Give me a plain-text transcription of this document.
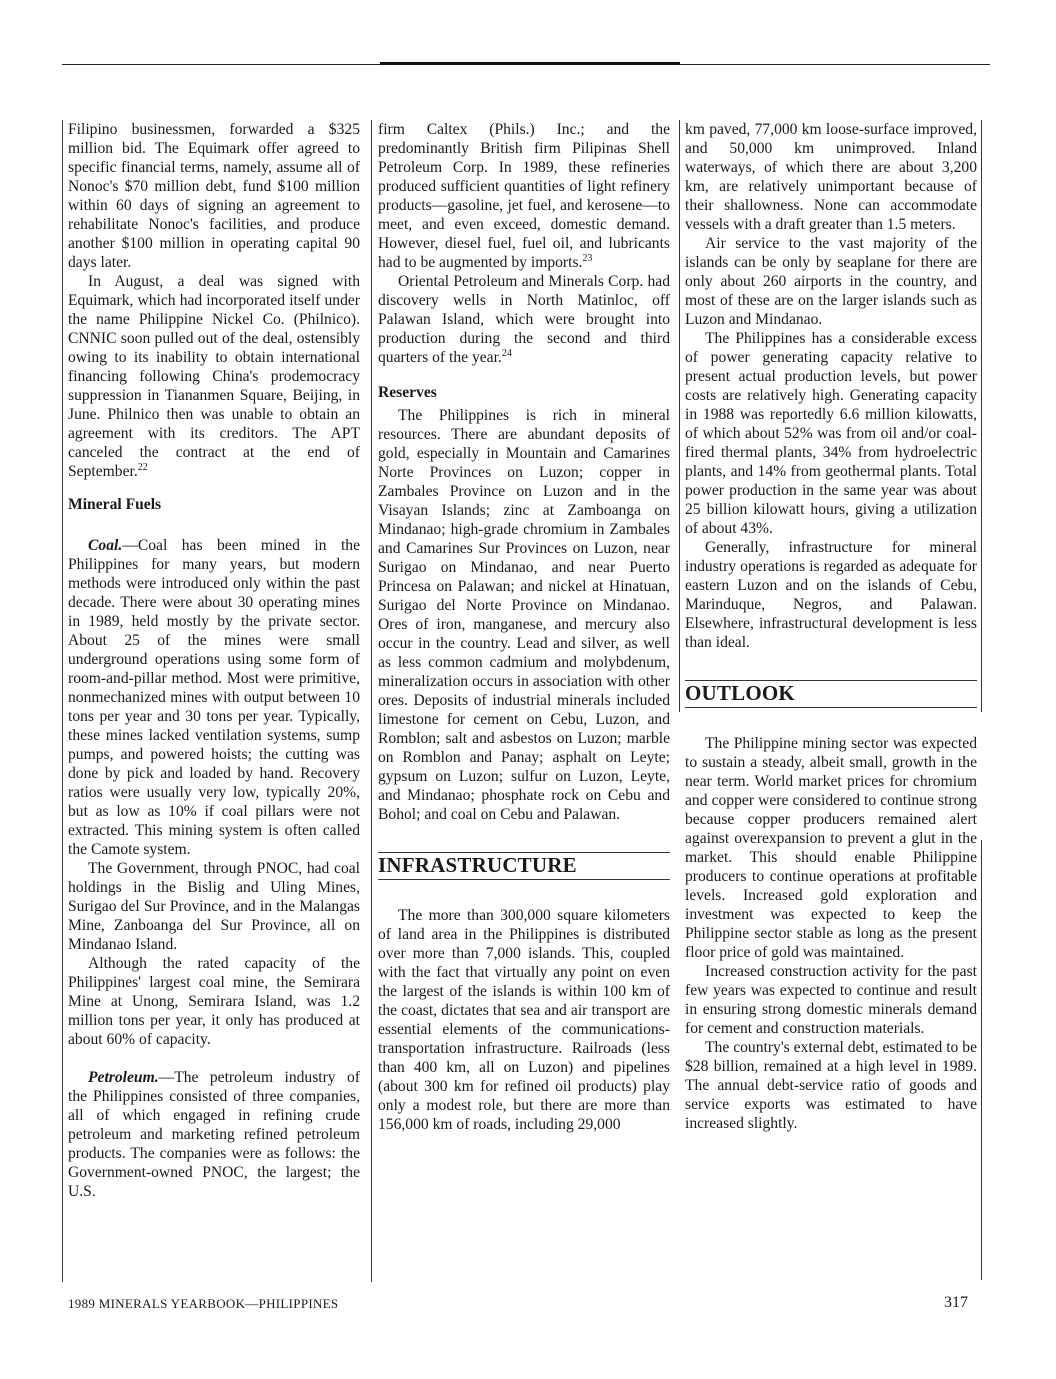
Filipino businessmen, forwarded a $325 million bid. The Equimark offer agreed to specific financial terms, namely, assume all of Nonoc's $70 million debt, fund $100 million within 60 days of signing an agreement to rehabilitate Nonoc's facilities, and produce another $100 million in operating capital 90 days later.

In August, a deal was signed with Equimark, which had incorporated itself under the name Philippine Nickel Co. (Philnico). CNNIC soon pulled out of the deal, ostensibly owing to its inability to obtain international financing following China's prodemocracy suppression in Tiananmen Square, Beijing, in June. Philnico then was unable to obtain an agreement with its creditors. The APT canceled the contract at the end of September.$^{22}$

Mineral Fuels

Coal.—Coal has been mined in the Philippines for many years, but modern methods were introduced only within the past decade. There were about 30 operating mines in 1989, held mostly by the private sector. About 25 of the mines were small underground operations using some form of room-and-pillar method. Most were primitive, nonmechanized mines with output between 10 tons per year and 30 tons per year. Typically, these mines lacked ventilation systems, sump pumps, and powered hoists; the cutting was done by pick and loaded by hand. Recovery ratios were usually very low, typically 20%, but as low as 10% if coal pillars were not extracted. This mining system is often called the Camote system.

The Government, through PNOC, had coal holdings in the Bislig and Uling Mines, Surigao del Sur Province, and in the Malangas Mine, Zanboanga del Sur Province, all on Mindanao Island.

Although the rated capacity of the Philippines' largest coal mine, the Semirara Mine at Unong, Semirara Island, was 1.2 million tons per year, it only has produced at about 60% of capacity.

Petroleum.—The petroleum industry of the Philippines consisted of three companies, all of which engaged in refining crude petroleum and marketing refined petroleum products. The companies were as follows: the Government-owned PNOC, the largest; the U.S.

firm Caltex (Phils.) Inc.; and the predominantly British firm Pilipinas Shell Petroleum Corp. In 1989, these refineries produced sufficient quantities of light refinery products—gasoline, jet fuel, and kerosene—to meet, and even exceed, domestic demand. However, diesel fuel, fuel oil, and lubricants had to be augmented by imports.$^{23}$

Oriental Petroleum and Minerals Corp. had discovery wells in North Matinloc, off Palawan Island, which were brought into production during the second and third quarters of the year.$^{24}$

Reserves

The Philippines is rich in mineral resources. There are abundant deposits of gold, especially in Mountain and Camarines Norte Provinces on Luzon; copper in Zambales Province on Luzon and in the Visayan Islands; zinc at Zamboanga on Mindanao; high-grade chromium in Zambales and Camarines Sur Provinces on Luzon, near Surigao on Mindanao, and near Puerto Princesa on Palawan; and nickel at Hinatuan, Surigao del Norte Province on Mindanao. Ores of iron, manganese, and mercury also occur in the country. Lead and silver, as well as less common cadmium and molybdenum, mineralization occurs in association with other ores. Deposits of industrial minerals included limestone for cement on Cebu, Luzon, and Romblon; salt and asbestos on Luzon; marble on Romblon and Panay; asphalt on Leyte; gypsum on Luzon; sulfur on Luzon, Leyte, and Mindanao; phosphate rock on Cebu and Bohol; and coal on Cebu and Palawan.

INFRASTRUCTURE

The more than 300,000 square kilometers of land area in the Philippines is distributed over more than 7,000 islands. This, coupled with the fact that virtually any point on even the largest of the islands is within 100 km of the coast, dictates that sea and air transport are essential elements of the communications-transportation infrastructure. Railroads (less than 400 km, all on Luzon) and pipelines (about 300 km for refined oil products) play only a modest role, but there are more than 156,000 km of roads, including 29,000

km paved, 77,000 km loose-surface improved, and 50,000 km unimproved. Inland waterways, of which there are about 3,200 km, are relatively unimportant because of their shallowness. None can accommodate vessels with a draft greater than 1.5 meters.

Air service to the vast majority of the islands can be only by seaplane for there are only about 260 airports in the country, and most of these are on the larger islands such as Luzon and Mindanao.

The Philippines has a considerable excess of power generating capacity relative to present actual production levels, but power costs are relatively high. Generating capacity in 1988 was reportedly 6.6 million kilowatts, of which about 52% was from oil and/or coal-fired thermal plants, 34% from hydroelectric plants, and 14% from geothermal plants. Total power production in the same year was about 25 billion kilowatt hours, giving a utilization of about 43%.

Generally, infrastructure for mineral industry operations is regarded as adequate for eastern Luzon and on the islands of Cebu, Marinduque, Negros, and Palawan. Elsewhere, infrastructural development is less than ideal.

OUTLOOK

The Philippine mining sector was expected to sustain a steady, albeit small, growth in the near term. World market prices for chromium and copper were considered to continue strong because copper producers remained alert against overexpansion to prevent a glut in the market. This should enable Philippine producers to continue operations at profitable levels. Increased gold exploration and investment was expected to keep the Philippine sector stable as long as the present floor price of gold was maintained.

Increased construction activity for the past few years was expected to continue and result in ensuring strong domestic minerals demand for cement and construction materials.

The country's external debt, estimated to be $28 billion, remained at a high level in 1989. The annual debt-service ratio of goods and service exports was estimated to have increased slightly.

1989 MINERALS YEARBOOK—PHILIPPINES	317
